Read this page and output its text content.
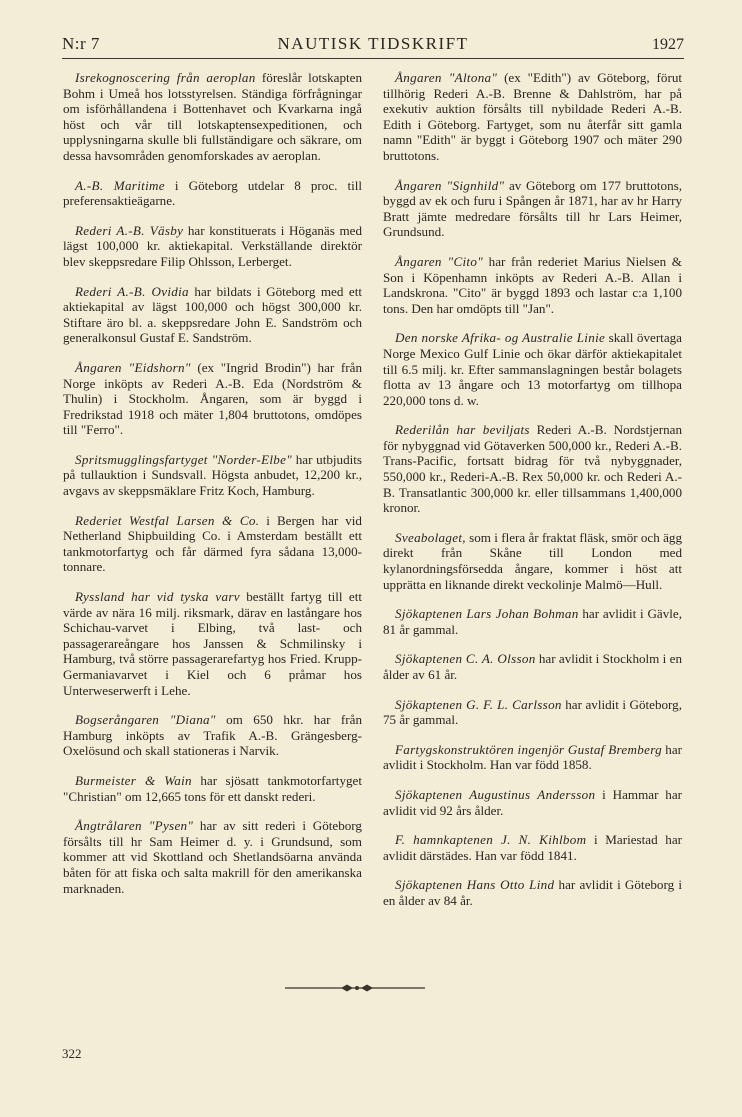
N:r 7	NAUTISK TIDSKRIFT	1927

Isrekognoscering från aeroplan föreslår lotskapten Bohm i Umeå hos lotsstyrelsen. Ständiga förfrågningar om isförhållandena i Bottenhavet och Kvarkarna ingå höst och vår till lotskaptensexpeditionen, och upplysningarna skulle bli fullständigare och säkrare, om dessa havsområden genomforskades av aeroplan.

A.-B. Maritime i Göteborg utdelar 8 proc. till preferensaktieägarne.

Rederi A.-B. Väsby har konstituerats i Höganäs med lägst 100,000 kr. aktiekapital. Verkställande direktör blev skeppsredare Filip Ohlsson, Lerberget.

Rederi A.-B. Ovidia har bildats i Göteborg med ett aktiekapital av lägst 100,000 och högst 300,000 kr. Stiftare äro bl. a. skeppsredare John E. Sandström och generalkonsul Gustaf E. Sandström.

Ångaren "Eidshorn" (ex "Ingrid Brodin") har från Norge inköpts av Rederi A.-B. Eda (Nordström & Thulin) i Stockholm. Ångaren, som är byggd i Fredrikstad 1918 och mäter 1,804 bruttotons, omdöpes till "Ferro".

Spritsmugglingsfartyget "Norder-Elbe" har utbjudits på tullauktion i Sundsvall. Högsta anbudet, 12,200 kr., avgavs av skeppsmäklare Fritz Koch, Hamburg.

Rederiet Westfal Larsen & Co. i Bergen har vid Netherland Shipbuilding Co. i Amsterdam beställt ett tankmotorfartyg och får därmed fyra sådana 13,000-tonnare.

Ryssland har vid tyska varv beställt fartyg till ett värde av nära 16 milj. riksmark, därav en lastångare hos Schichau-varvet i Elbing, två last- och passagerareångare hos Janssen & Schmilinsky i Hamburg, två större passagerarefartyg hos Fried. Krupp-Germaniavarvet i Kiel och 6 pråmar hos Unterweserwerft i Lehe.

Bogserångaren "Diana" om 650 hkr. har från Hamburg inköpts av Trafik A.-B. Grängesberg-Oxelösund och skall stationeras i Narvik.

Burmeister & Wain har sjösatt tankmotorfartyget "Christian" om 12,665 tons för ett danskt rederi.

Ångtrålaren "Pysen" har av sitt rederi i Göteborg försålts till hr Sam Heimer d. y. i Grundsund, som kommer att vid Skottland och Shetlandsöarna använda båten för att fiska och salta makrill för den amerikanska marknaden.

Ångaren "Altona" (ex "Edith") av Göteborg, förut tillhörig Rederi A.-B. Brenne & Dahlström, har på exekutiv auktion försålts till nybildade Rederi A.-B. Edith i Göteborg. Fartyget, som nu återfår sitt gamla namn "Edith" är byggt i Göteborg 1907 och mäter 290 bruttotons.

Ångaren "Signhild" av Göteborg om 177 bruttotons, byggd av ek och furu i Spången år 1871, har av hr Harry Bratt jämte medredare försålts till hr Lars Heimer, Grundsund.

Ångaren "Cito" har från rederiet Marius Nielsen & Son i Köpenhamn inköpts av Rederi A.-B. Allan i Landskrona. "Cito" är byggd 1893 och lastar c:a 1,100 tons. Den har omdöpts till "Jan".

Den norske Afrika- og Australie Linie skall övertaga Norge Mexico Gulf Linie och ökar därför aktiekapitalet till 6.5 milj. kr. Efter sammanslagningen består bolagets flotta av 13 ångare och 13 motorfartyg om tillhopa 220,000 tons d. w.

Rederilån har beviljats Rederi A.-B. Nordstjernan för nybyggnad vid Götaverken 500,000 kr., Rederi A.-B. Trans-Pacific, fortsatt bidrag för två nybyggnader, 550,000 kr., Rederi-A.-B. Rex 50,000 kr. och Rederi A.-B. Transatlantic 300,000 kr. eller tillsammans 1,400,000 kronor.

Sveabolaget, som i flera år fraktat fläsk, smör och ägg direkt från Skåne till London med kylanordningsförsedda ångare, kommer i höst att upprätta en liknande direkt veckolinje Malmö—Hull.

Sjökaptenen Lars Johan Bohman har avlidit i Gävle, 81 år gammal.

Sjökaptenen C. A. Olsson har avlidit i Stockholm i en ålder av 61 år.

Sjökaptenen G. F. L. Carlsson har avlidit i Göteborg, 75 år gammal.

Fartygskonstruktören ingenjör Gustaf Bremberg har avlidit i Stockholm. Han var född 1858.

Sjökaptenen Augustinus Andersson i Hammar har avlidit vid 92 års ålder.

F. hamnkaptenen J. N. Kihlbom i Mariestad har avlidit därstädes. Han var född 1841.

Sjökaptenen Hans Otto Lind har avlidit i Göteborg i en ålder av 84 år.

322
